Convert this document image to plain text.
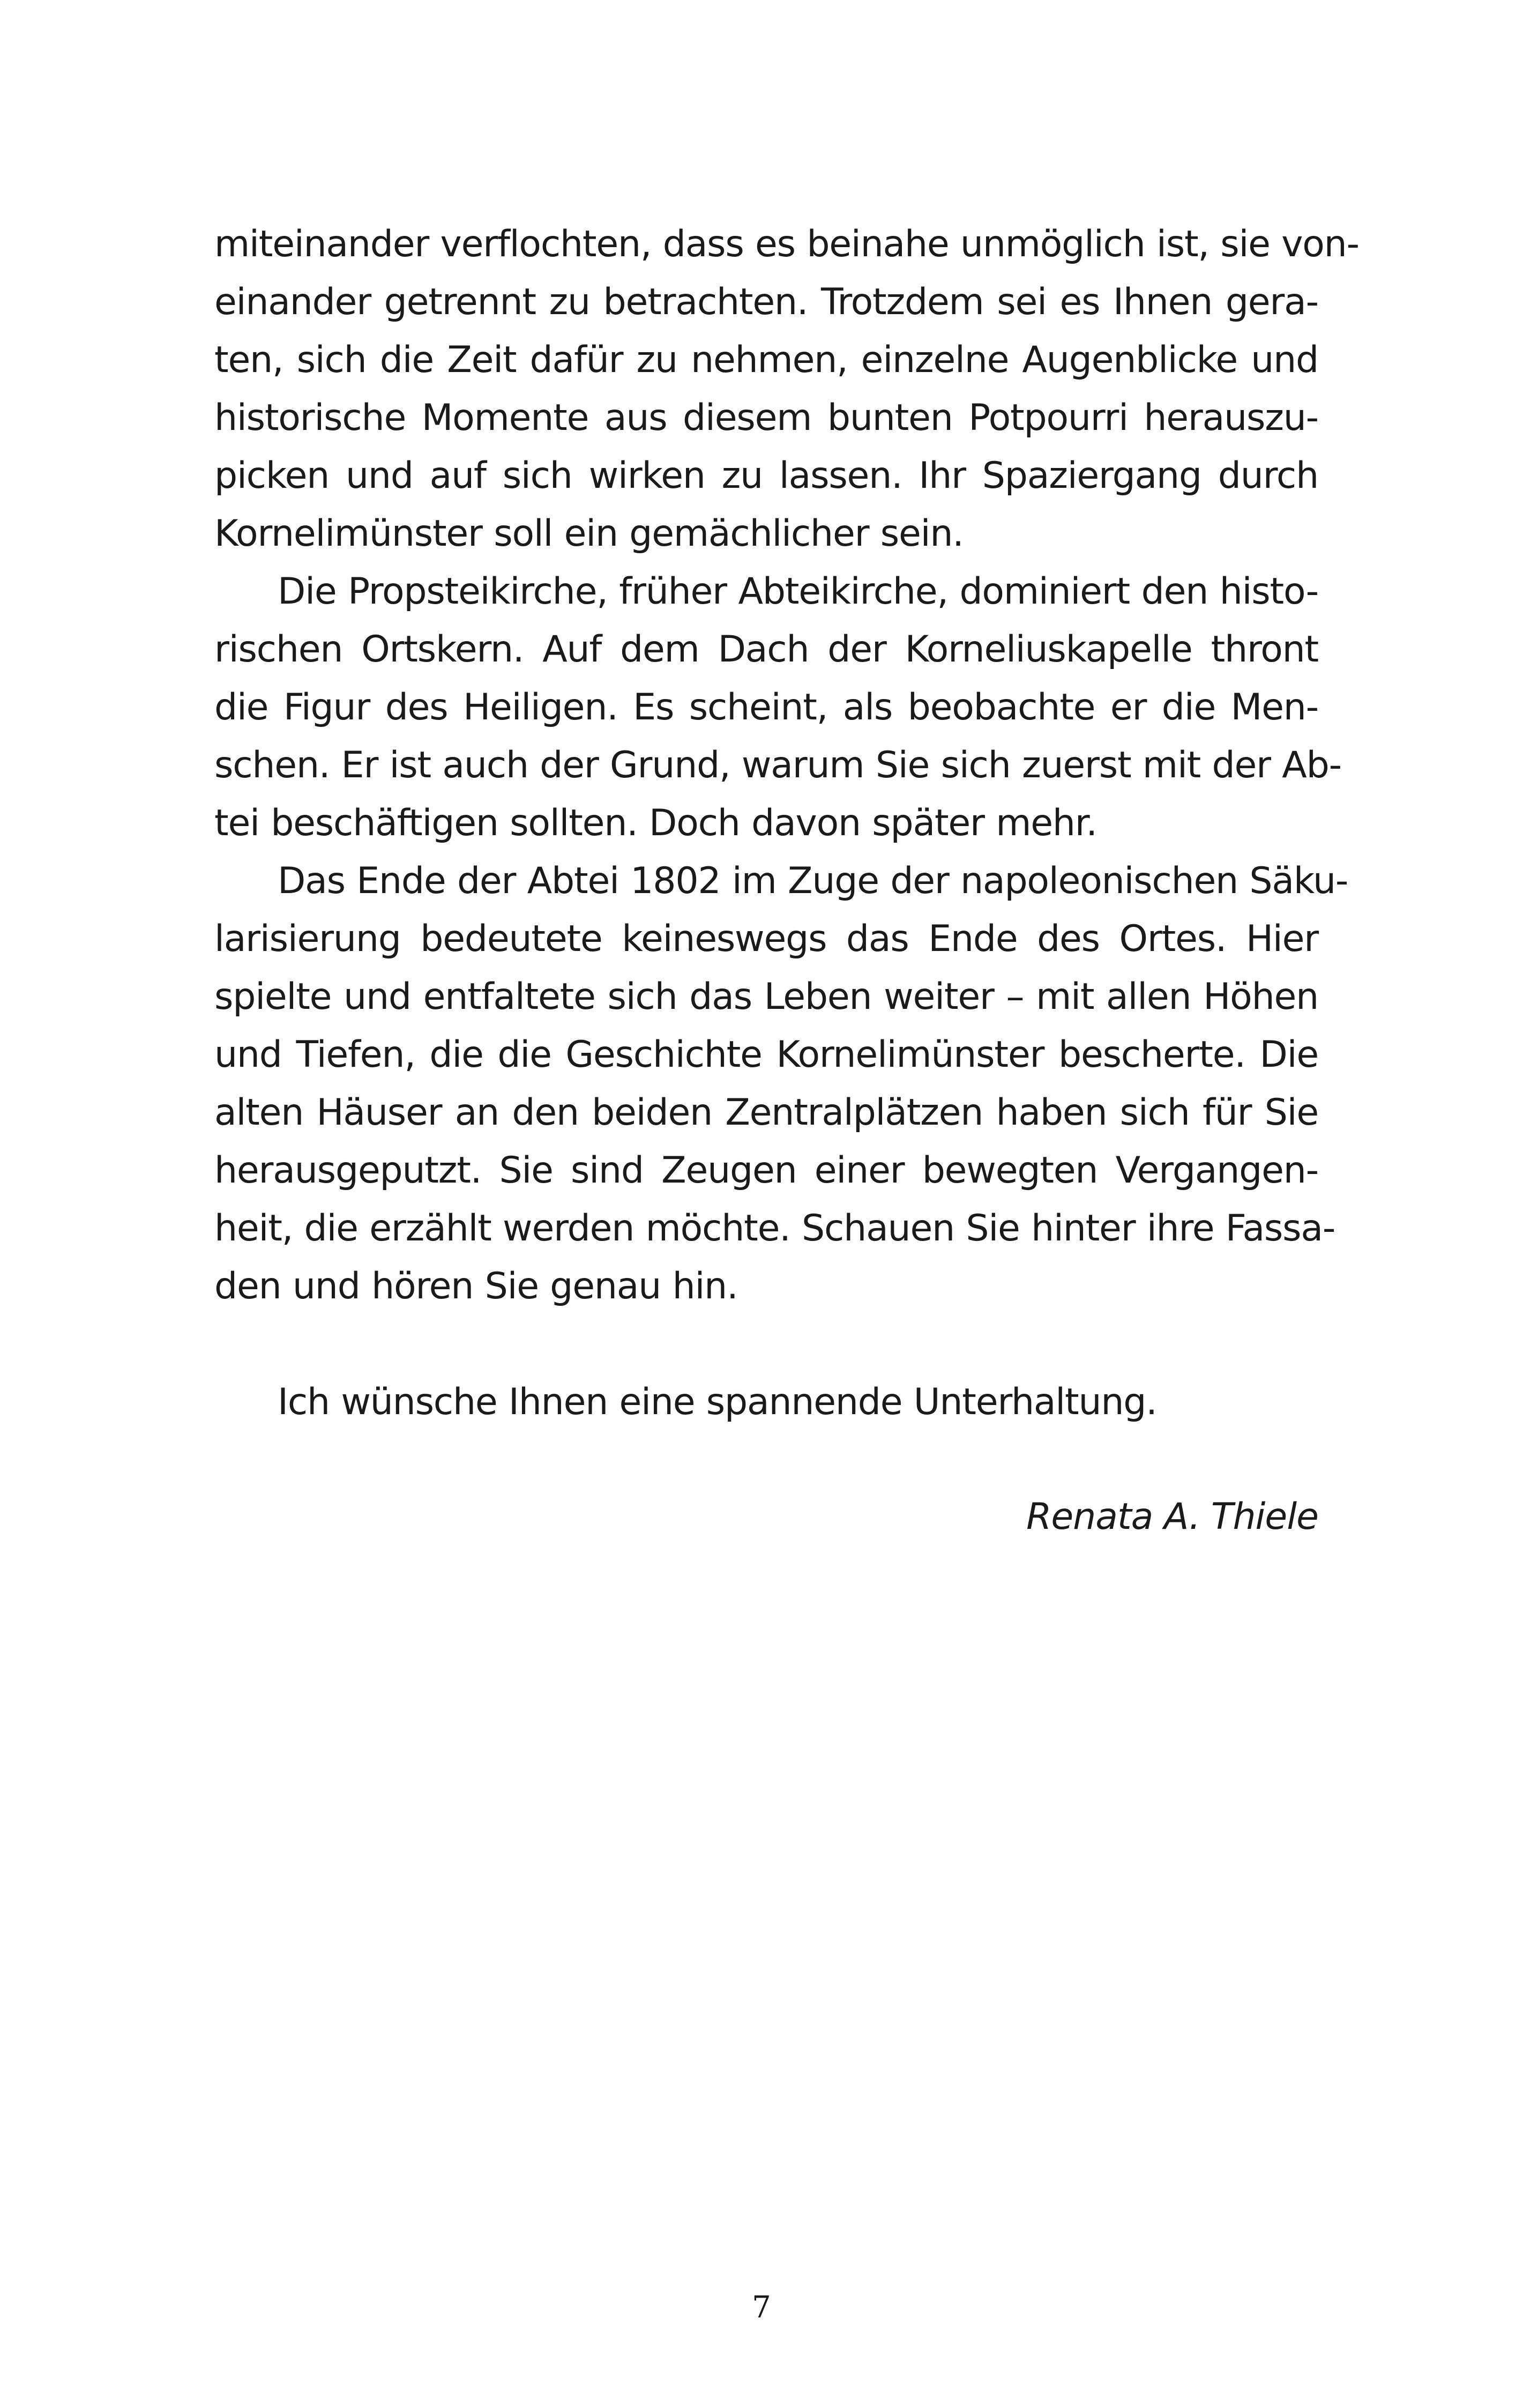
miteinander verflochten, dass es beinahe unmöglich ist, sie von-
einander getrennt zu betrachten. Trotzdem sei es Ihnen gera-
ten, sich die Zeit dafür zu nehmen, einzelne Augenblicke und
historische Momente aus diesem bunten Potpourri herauszu-
picken und auf sich wirken zu lassen. Ihr Spaziergang durch
Kornelimünster soll ein gemächlicher sein.
Die Propsteikirche, früher Abteikirche, dominiert den histo-
rischen Ortskern. Auf dem Dach der Korneliuskapelle thront
die Figur des Heiligen. Es scheint, als beobachte er die Men-
schen. Er ist auch der Grund, warum Sie sich zuerst mit der Ab-
tei beschäftigen sollten. Doch davon später mehr.
Das Ende der Abtei 1802 im Zuge der napoleonischen Säku-
larisierung bedeutete keineswegs das Ende des Ortes. Hier
spielte und entfaltete sich das Leben weiter – mit allen Höhen
und Tiefen, die die Geschichte Kornelimünster bescherte. Die
alten Häuser an den beiden Zentralplätzen haben sich für Sie
herausgeputzt. Sie sind Zeugen einer bewegten Vergangen-
heit, die erzählt werden möchte. Schauen Sie hinter ihre Fassa-
den und hören Sie genau hin.
Ich wünsche Ihnen eine spannende Unterhaltung.
Renata A. Thiele
7
